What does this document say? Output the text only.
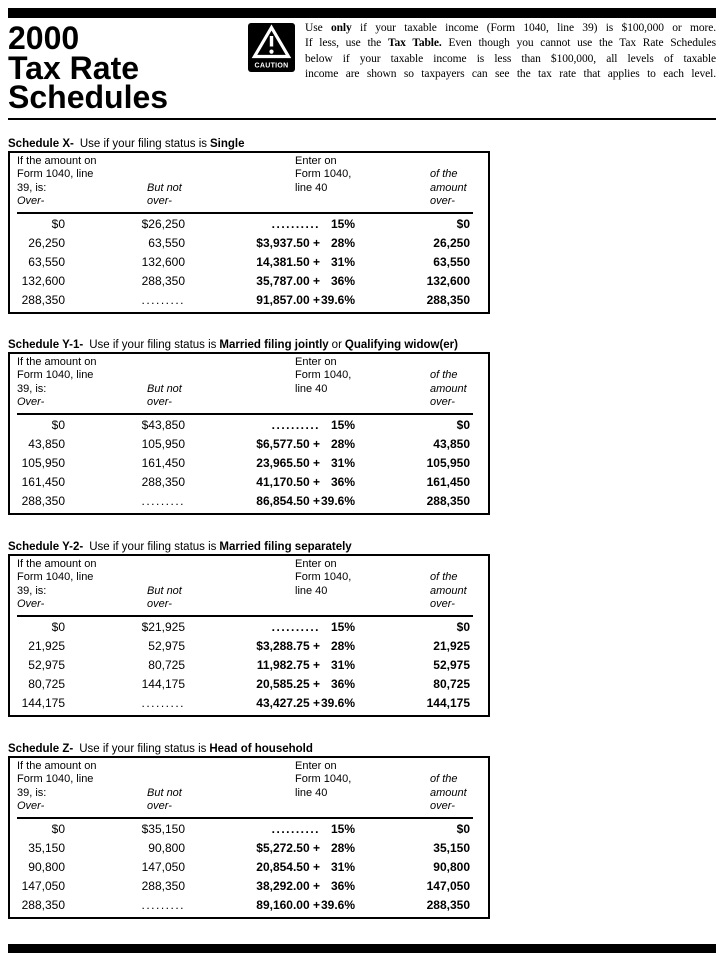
2000
Tax Rate
Schedules
CAUTION
Use only if your taxable income (Form 1040, line 39) is $100,000 or more.
If less, use the Tax Table. Even though you cannot use the Tax Rate Schedules
below if your taxable income is less than $100,000, all levels of taxable
income are shown so taxpayers can see the tax rate that applies to each level.
Schedule X- Use if your filing status is Single
If the amount on
Form 1040, line
39, is:
Over-
But not
over-
Enter on
Form 1040,
line 40
of the
amount
over-
$0	$26,250	.......... 15%	$0
26,250	63,550	$3,937.50 + 28%	26,250
63,550	132,600	14,381.50 + 31%	63,550
132,600	288,350	35,787.00 + 36%	132,600
288,350	.........	91,857.00 + 39.6%	288,350
Schedule Y-1- Use if your filing status is Married filing jointly or Qualifying widow(er)
If the amount on
Form 1040, line
39, is:
Over-
But not
over-
Enter on
Form 1040,
line 40
of the
amount
over-
$0	$43,850	.......... 15%	$0
43,850	105,950	$6,577.50 + 28%	43,850
105,950	161,450	23,965.50 + 31%	105,950
161,450	288,350	41,170.50 + 36%	161,450
288,350	.........	86,854.50 + 39.6%	288,350
Schedule Y-2- Use if your filing status is Married filing separately
If the amount on
Form 1040, line
39, is:
Over-
But not
over-
Enter on
Form 1040,
line 40
of the
amount
over-
$0	$21,925	.......... 15%	$0
21,925	52,975	$3,288.75 + 28%	21,925
52,975	80,725	11,982.75 + 31%	52,975
80,725	144,175	20,585.25 + 36%	80,725
144,175	.........	43,427.25 + 39.6%	144,175
Schedule Z- Use if your filing status is Head of household
If the amount on
Form 1040, line
39, is:
Over-
But not
over-
Enter on
Form 1040,
line 40
of the
amount
over-
$0	$35,150	.......... 15%	$0
35,150	90,800	$5,272.50 + 28%	35,150
90,800	147,050	20,854.50 + 31%	90,800
147,050	288,350	38,292.00 + 36%	147,050
288,350	.........	89,160.00 + 39.6%	288,350
